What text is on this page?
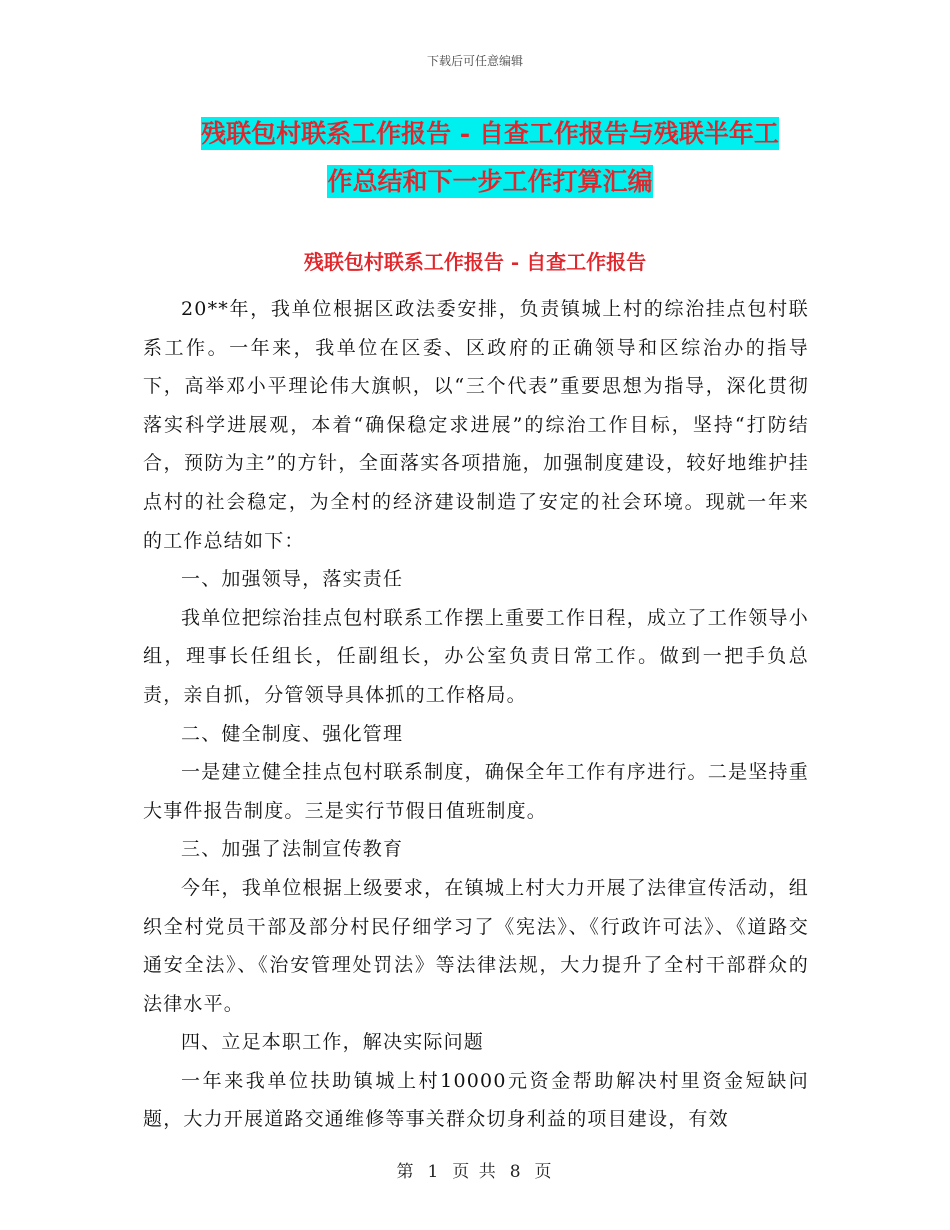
下载后可任意编辑
残联包村联系工作报告 - 自查工作报告与残联半年工
作总结和下一步工作打算汇编
残联包村联系工作报告 - 自查工作报告

20**年，我单位根据区政法委安排，负责镇城上村的综治挂点包村联系工作。一年来，我单位在区委、区政府的正确领导和区综治办的指导下，高举邓小平理论伟大旗帜，以“三个代表”重要思想为指导，深化贯彻落实科学进展观，本着“确保稳定求进展”的综治工作目标，坚持“打防结合，预防为主”的方针，全面落实各项措施，加强制度建设，较好地维护挂点村的社会稳定，为全村的经济建设制造了安定的社会环境。现就一年来的工作总结如下：

一、加强领导，落实责任

我单位把综治挂点包村联系工作摆上重要工作日程，成立了工作领导小组，理事长任组长，任副组长，办公室负责日常工作。做到一把手负总责，亲自抓，分管领导具体抓的工作格局。

二、健全制度、强化管理

一是建立健全挂点包村联系制度，确保全年工作有序进行。二是坚持重大事件报告制度。三是实行节假日值班制度。

三、加强了法制宣传教育

今年，我单位根据上级要求，在镇城上村大力开展了法律宣传活动，组织全村党员干部及部分村民仔细学习了《宪法》、《行政许可法》、《道路交通安全法》、《治安管理处罚法》等法律法规，大力提升了全村干部群众的法律水平。

四、立足本职工作，解决实际问题

一年来我单位扶助镇城上村10000元资金帮助解决村里资金短缺问题，大力开展道路交通维修等事关群众切身利益的项目建设，有效

第 1 页 共 8 页
